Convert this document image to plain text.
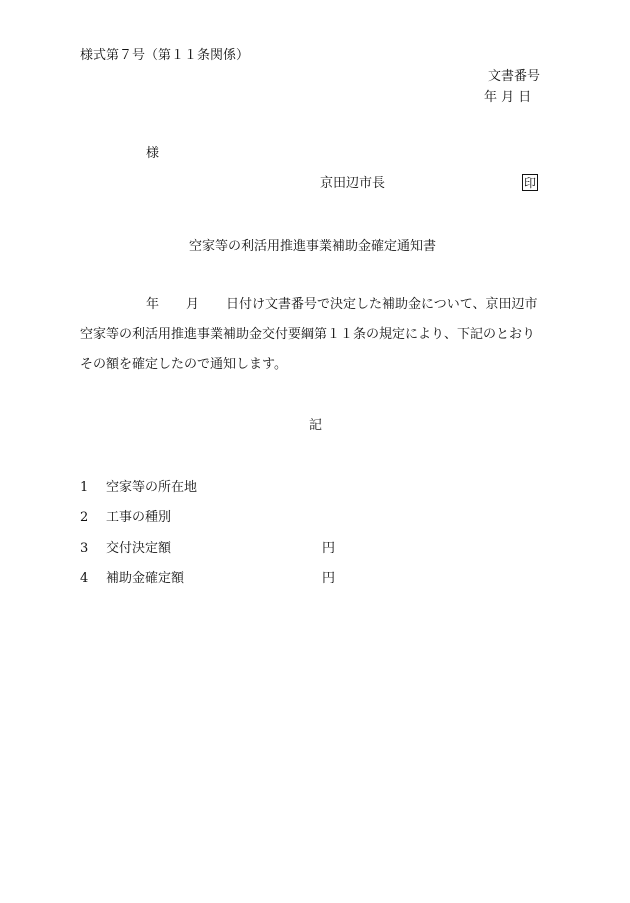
様式第７号（第１１条関係）
文書番号
年 月 日
様
京田辺市長	印
空家等の利活用推進事業補助金確定通知書
年 月 日付け文書番号で決定した補助金について、京田辺市
空家等の利活用推進事業補助金交付要綱第１１条の規定により、下記のとおり
その額を確定したので通知します。
記
1 空家等の所在地
2 工事の種別
3 交付決定額	円
4 補助金確定額	円
